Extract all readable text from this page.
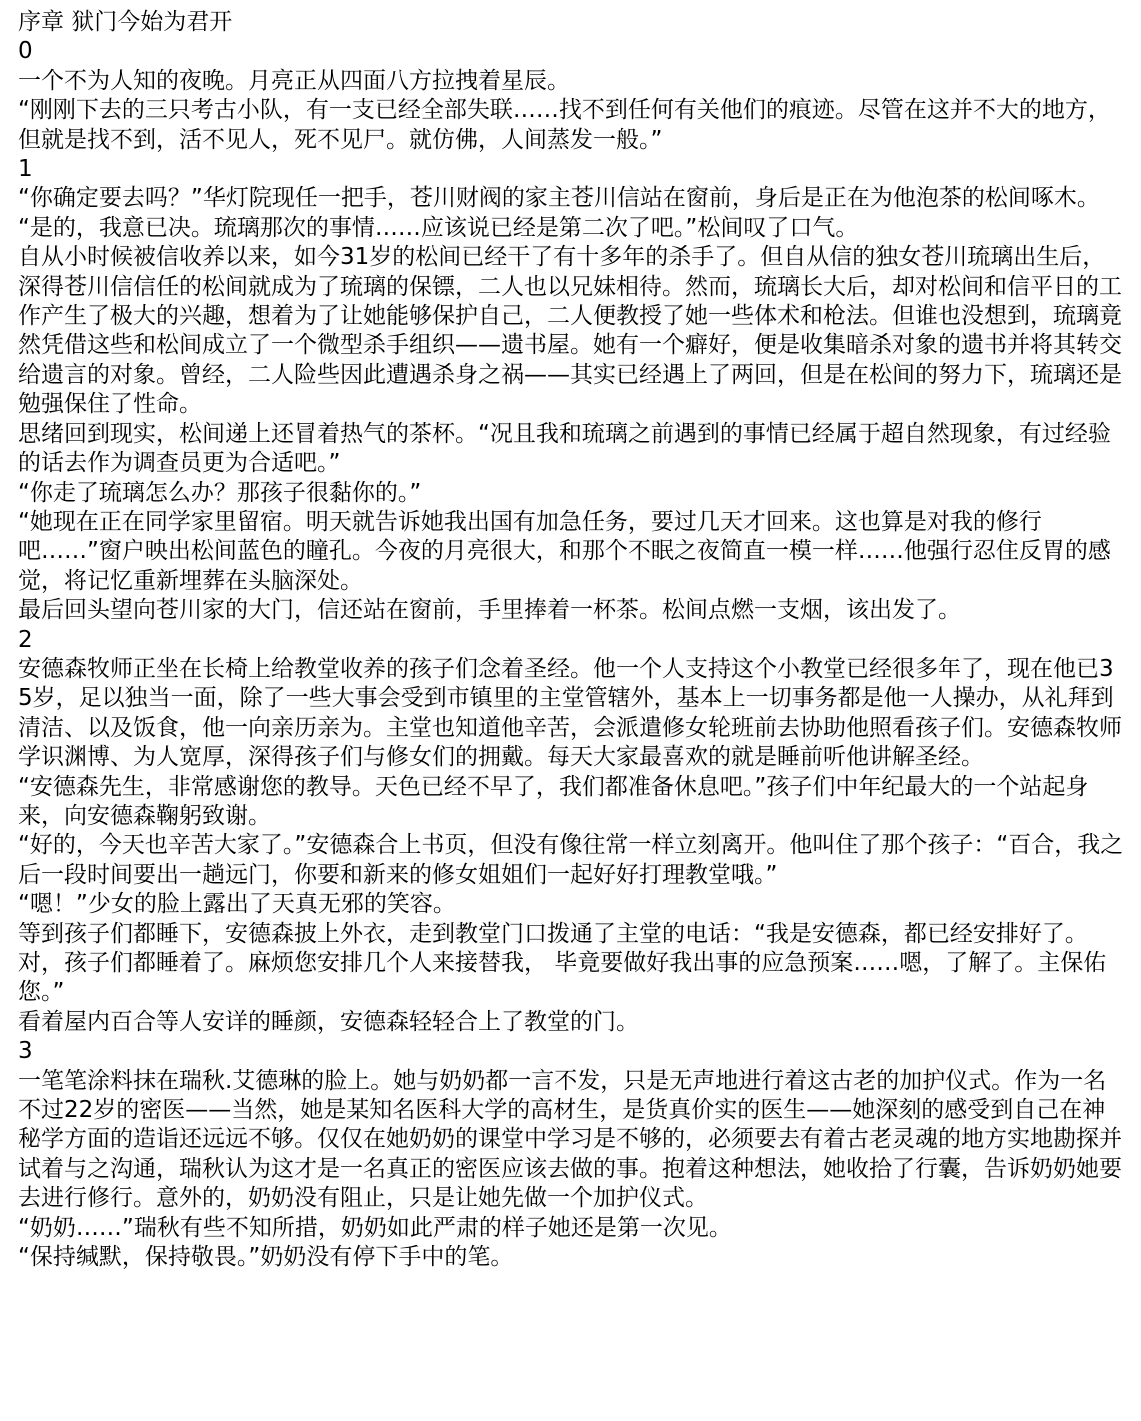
序章 狱门今始为君开

0

一个不为人知的夜晚。月亮正从四面八方拉拽着星辰。

“刚刚下去的三只考古小队，有一支已经全部失联……找不到任何有关他们的痕迹。尽管在这并不大的地方，但就是找不到，活不见人，死不见尸。就仿佛，人间蒸发一般。”

1

“你确定要去吗？”华灯院现任一把手，苍川财阀的家主苍川信站在窗前，身后是正在为他泡茶的松间啄木。

“是的，我意已决。琉璃那次的事情……应该说已经是第二次了吧。”松间叹了口气。

自从小时候被信收养以来，如今31岁的松间已经干了有十多年的杀手了。但自从信的独女苍川琉璃出生后，深得苍川信信任的松间就成为了琉璃的保镖，二人也以兄妹相待。然而，琉璃长大后，却对松间和信平日的工作产生了极大的兴趣，想着为了让她能够保护自己，二人便教授了她一些体术和枪法。但谁也没想到，琉璃竟然凭借这些和松间成立了一个微型杀手组织——遗书屋。她有一个癖好，便是收集暗杀对象的遗书并将其转交给遗言的对象。曾经，二人险些因此遭遇杀身之祸——其实已经遇上了两回，但是在松间的努力下，琉璃还是勉强保住了性命。

思绪回到现实，松间递上还冒着热气的茶杯。“况且我和琉璃之前遇到的事情已经属于超自然现象，有过经验的话去作为调查员更为合适吧。”

“你走了琉璃怎么办？那孩子很黏你的。”

“她现在正在同学家里留宿。明天就告诉她我出国有加急任务，要过几天才回来。这也算是对我的修行吧……”窗户映出松间蓝色的瞳孔。今夜的月亮很大，和那个不眠之夜简直一模一样……他强行忍住反胃的感觉，将记忆重新埋葬在头脑深处。

最后回头望向苍川家的大门，信还站在窗前，手里捧着一杯茶。松间点燃一支烟，该出发了。

2

安德森牧师正坐在长椅上给教堂收养的孩子们念着圣经。他一个人支持这个小教堂已经很多年了，现在他已35岁，足以独当一面，除了一些大事会受到市镇里的主堂管辖外，基本上一切事务都是他一人操办，从礼拜到清洁、以及饭食，他一向亲历亲为。主堂也知道他辛苦，会派遣修女轮班前去协助他照看孩子们。安德森牧师学识渊博、为人宽厚，深得孩子们与修女们的拥戴。每天大家最喜欢的就是睡前听他讲解圣经。

“安德森先生，非常感谢您的教导。天色已经不早了，我们都准备休息吧。”孩子们中年纪最大的一个站起身来，向安德森鞠躬致谢。

“好的，今天也辛苦大家了。”安德森合上书页，但没有像往常一样立刻离开。他叫住了那个孩子：“百合，我之后一段时间要出一趟远门，你要和新来的修女姐姐们一起好好打理教堂哦。”

“嗯！”少女的脸上露出了天真无邪的笑容。

等到孩子们都睡下，安德森披上外衣，走到教堂门口拨通了主堂的电话：“我是安德森，都已经安排好了。对，孩子们都睡着了。麻烦您安排几个人来接替我， 毕竟要做好我出事的应急预案……嗯，了解了。主保佑您。”

看着屋内百合等人安详的睡颜，安德森轻轻合上了教堂的门。

3

一笔笔涂料抹在瑞秋.艾德琳的脸上。她与奶奶都一言不发，只是无声地进行着这古老的加护仪式。作为一名不过22岁的密医——当然，她是某知名医科大学的高材生，是货真价实的医生——她深刻的感受到自己在神秘学方面的造诣还远远不够。仅仅在她奶奶的课堂中学习是不够的，必须要去有着古老灵魂的地方实地勘探并试着与之沟通，瑞秋认为这才是一名真正的密医应该去做的事。抱着这种想法，她收拾了行囊，告诉奶奶她要去进行修行。意外的，奶奶没有阻止，只是让她先做一个加护仪式。

“奶奶……”瑞秋有些不知所措，奶奶如此严肃的样子她还是第一次见。

“保持缄默，保持敬畏。”奶奶没有停下手中的笔。
